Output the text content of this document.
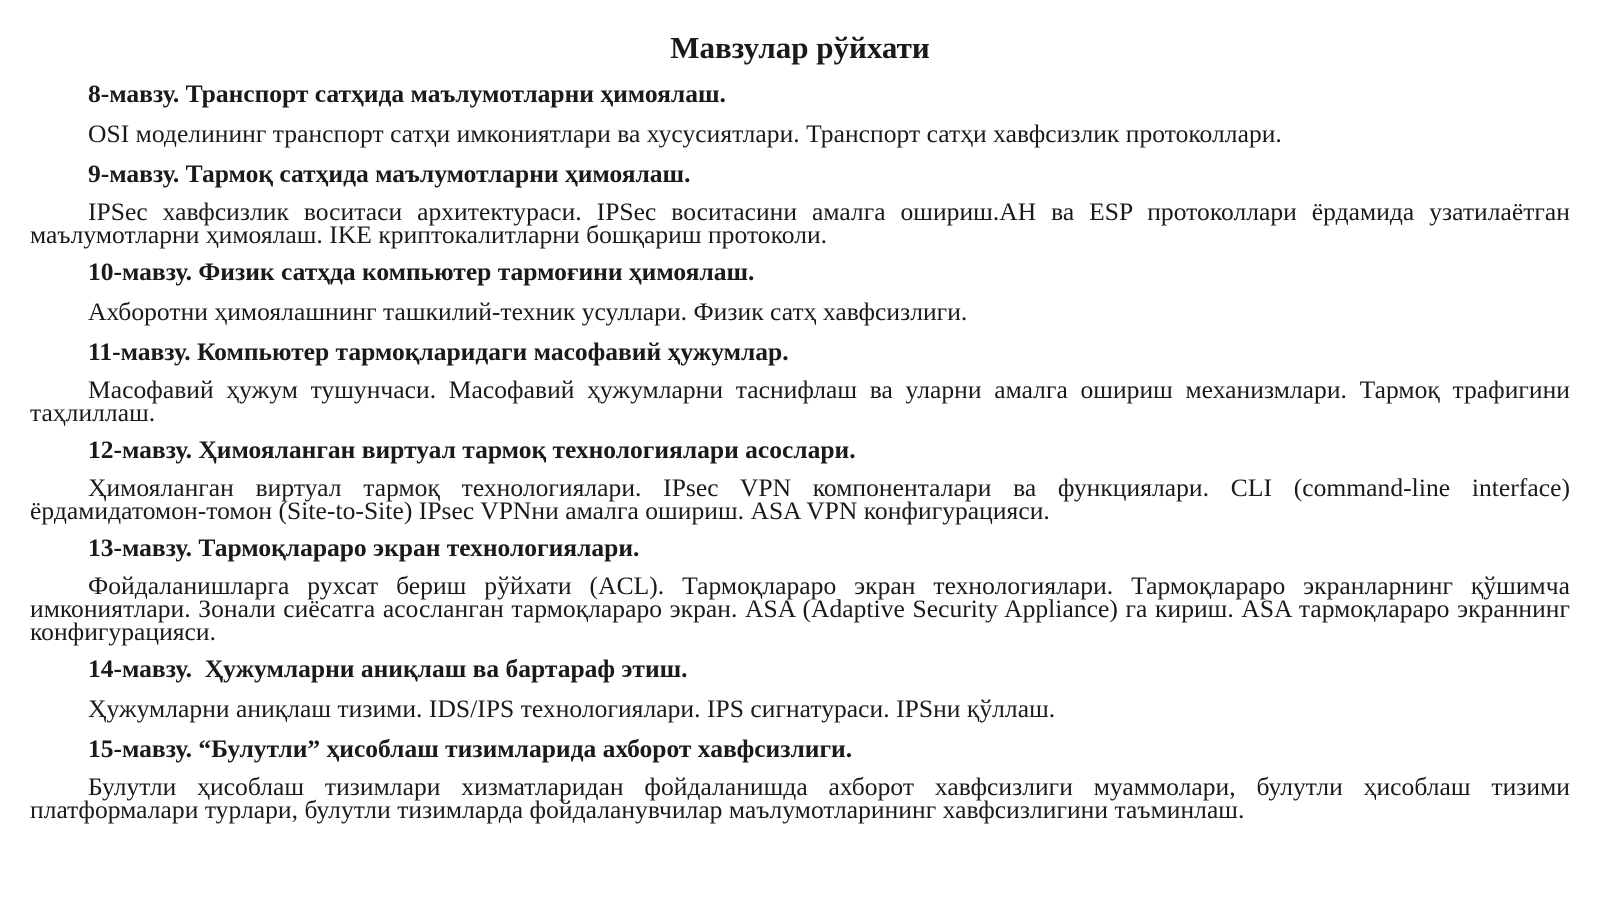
Мавзулар рўйхати
8-мавзу. Транспорт сатҳида маълумотларни ҳимоялаш.
OSI моделининг транспорт сатҳи имкониятлари ва хусусиятлари. Транспорт сатҳи хавфсизлик протоколлари.
9-мавзу. Тармоқ сатҳида маълумотларни ҳимоялаш.
IPSec хавфсизлик воситаси архитектураси. IPSec воситасини амалга ошириш.AH ва ESP протоколлари ёрдамида узатилаётган маълумотларни ҳимоялаш. IKE криптокалитларни бошқариш протоколи.
10-мавзу. Физик сатҳда компьютер тармоғини ҳимоялаш.
Ахборотни ҳимоялашнинг ташкилий-техник усуллари. Физик сатҳ хавфсизлиги.
11-мавзу. Компьютер тармоқларидаги масофавий ҳужумлар.
Масофавий ҳужум тушунчаси. Масофавий ҳужумларни таснифлаш ва уларни амалга ошириш механизмлари. Тармоқ трафигини таҳлиллаш.
12-мавзу. Ҳимояланган виртуал тармоқ технологиялари асослари.
Ҳимояланган виртуал тармоқ технологиялари. IPsec VPN компоненталари ва функциялари. CLI (command-line interface) ёрдамидатомон-томон (Site-to-Site) IPsec VPNни амалга ошириш. ASA VPN конфигурацияси.
13-мавзу. Тармоқлараро экран технологиялари.
Фойдаланишларга рухсат бериш рўйхати (ACL). Тармоқлараро экран технологиялари. Тармоқлараро экранларнинг қўшимча имкониятлари. Зонали сиёсатга асосланган тармоқлараро экран. ASA (Adaptive Security Appliance) га кириш. ASA тармоқлараро экраннинг конфигурацияси.
14-мавзу.  Ҳужумларни аниқлаш ва бартараф этиш.
Ҳужумларни аниқлаш тизими. IDS/IPS технологиялари. IPS сигнатураси. IPSни қўллаш.
15-мавзу. “Булутли” ҳисоблаш тизимларида ахборот хавфсизлиги.
Булутли ҳисоблаш тизимлари хизматларидан фойдаланишда ахборот хавфсизлиги муаммолари, булутли ҳисоблаш тизими платформалари турлари, булутли тизимларда фойдаланувчилар маълумотларининг хавфсизлигини таъминлаш.
